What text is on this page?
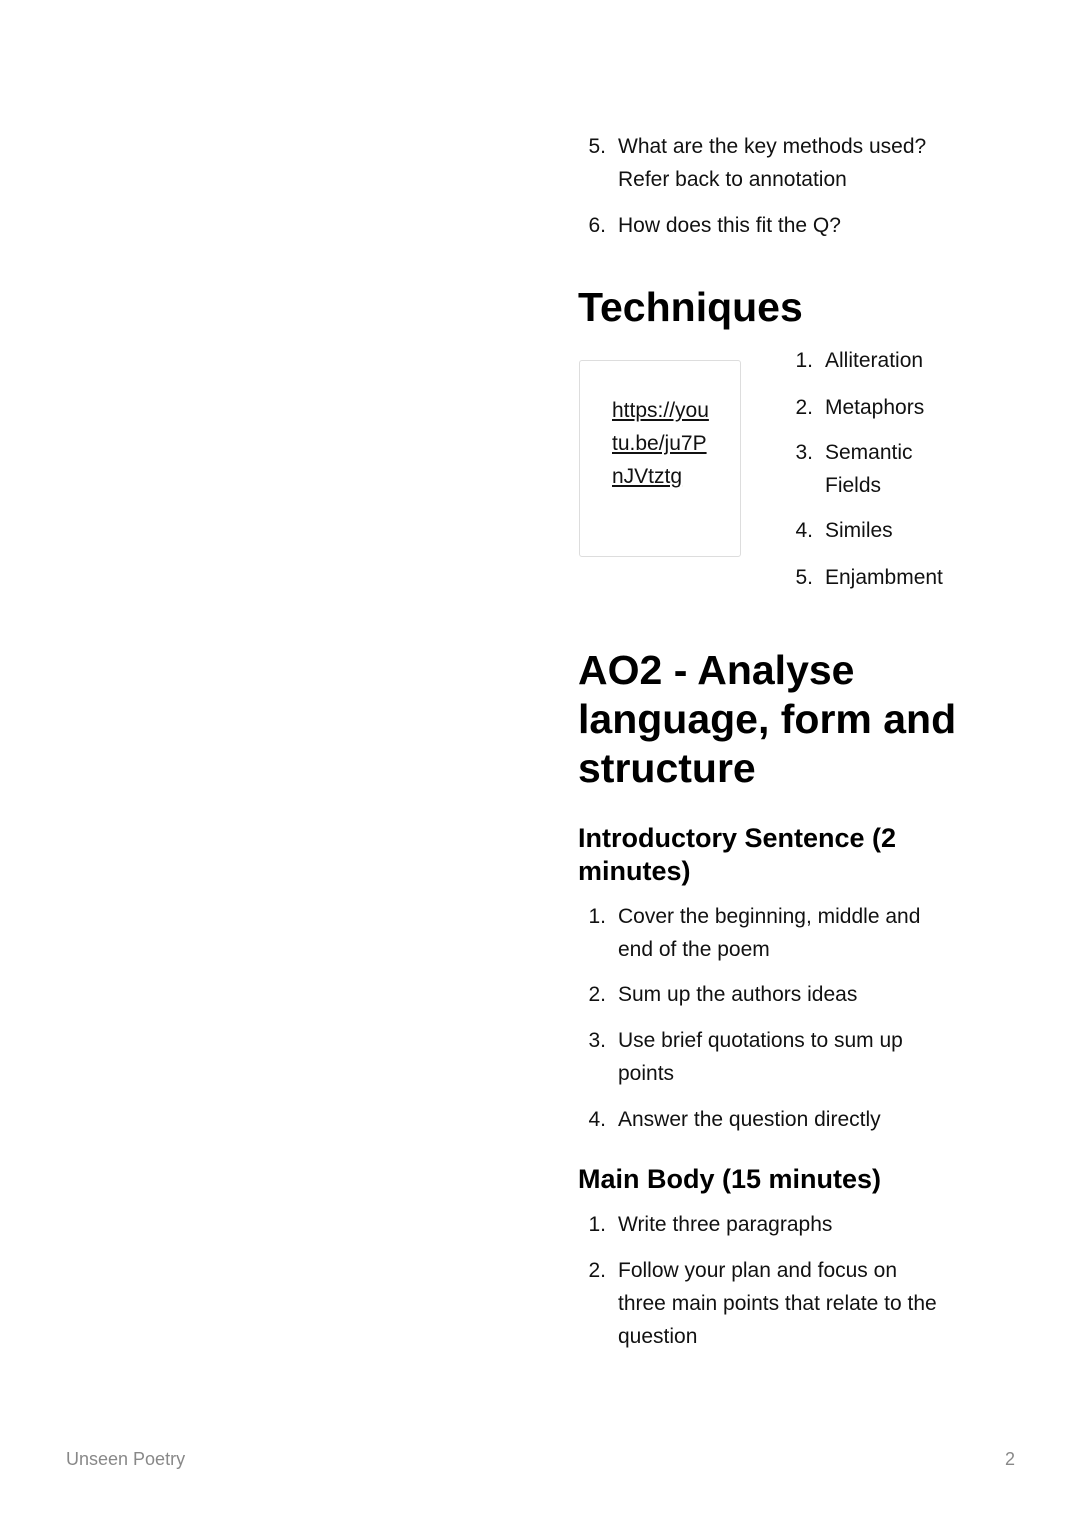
5. What are the key methods used?
Refer back to annotation
6. How does this fit the Q?
Techniques
https://youtu.be/ju7PnJVtztg
1. Alliteration
2. Metaphors
3. Semantic
Fields
4. Similes
5. Enjambment
AO2 - Analyse
language, form and
structure
Introductory Sentence (2
minutes)
1. Cover the beginning, middle and
end of the poem
2. Sum up the authors ideas
3. Use brief quotations to sum up
points
4. Answer the question directly
Main Body (15 minutes)
1. Write three paragraphs
2. Follow your plan and focus on
three main points that relate to the
question
Unseen Poetry	2
